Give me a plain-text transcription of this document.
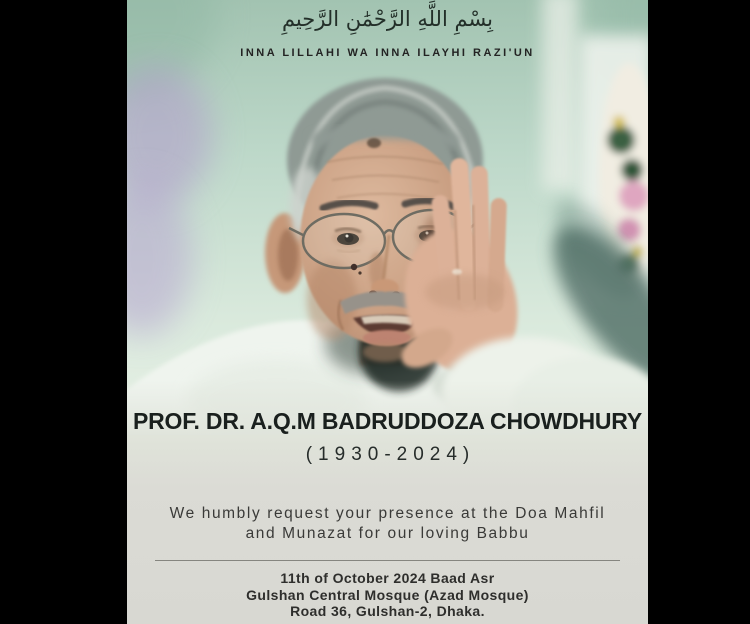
بِسْمِ اللَّهِ الرَّحْمَٰنِ الرَّحِيمِ
INNA LILLAHI WA INNA ILAYHI RAZI'UN
PROF. DR. A.Q.M BADRUDDOZA CHOWDHURY
(1930-2024)
We humbly request your presence at the Doa Mahfil
and Munazat for our loving Babbu
11th of October 2024 Baad Asr
Gulshan Central Mosque (Azad Mosque)
Road 36, Gulshan-2, Dhaka.
